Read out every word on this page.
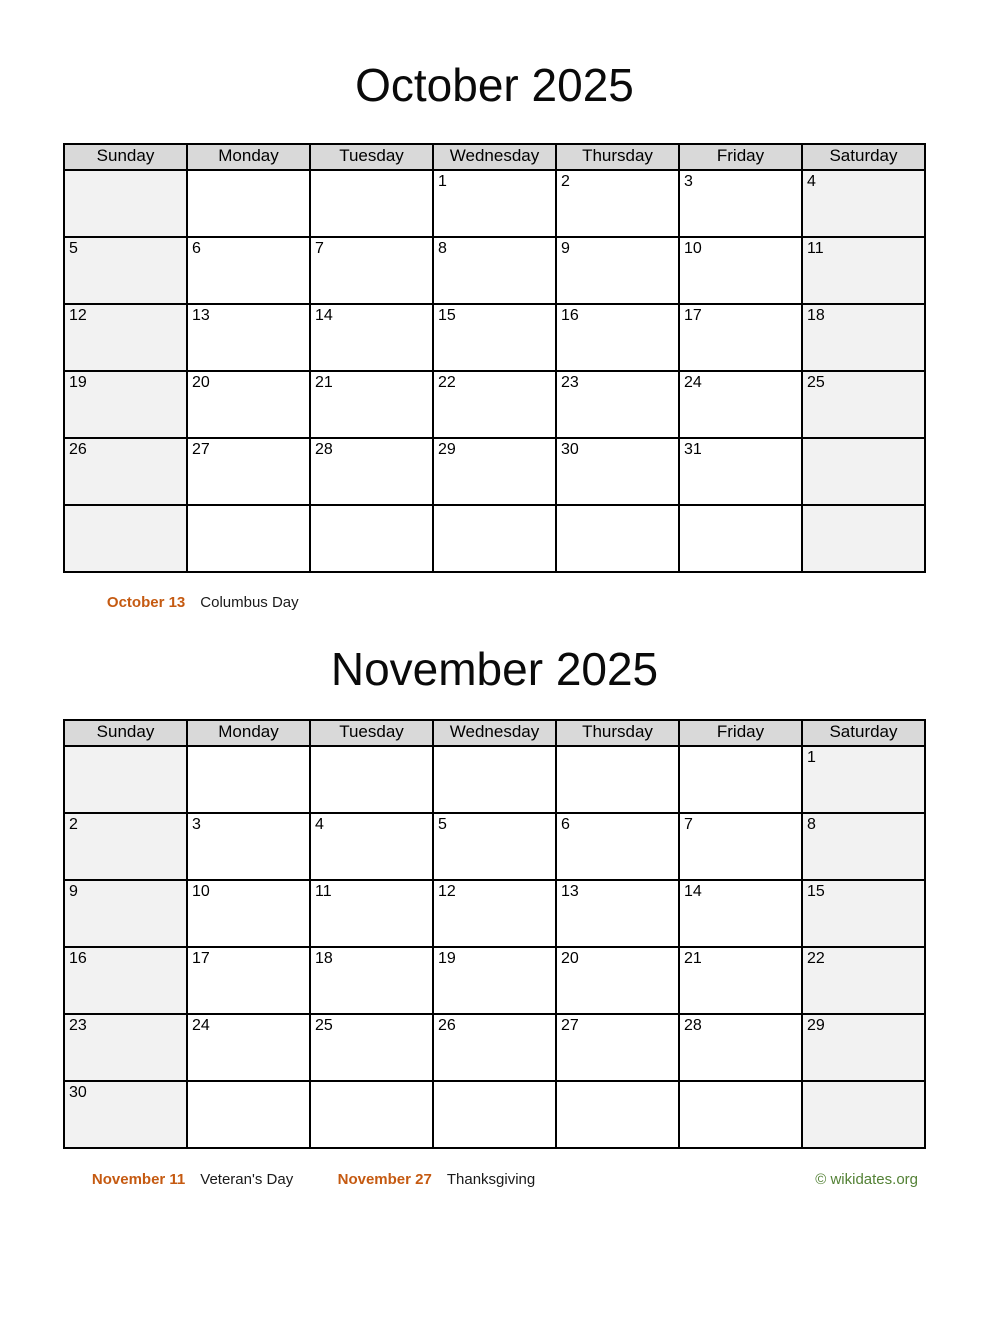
October 2025
Sunday	Monday	Tuesday	Wednesday	Thursday	Friday	Saturday
			1	2	3	4
5	6	7	8	9	10	11
12	13	14	15	16	17	18
19	20	21	22	23	24	25
26	27	28	29	30	31	

October 13	Columbus Day
November 2025
Sunday	Monday	Tuesday	Wednesday	Thursday	Friday	Saturday
						1
2	3	4	5	6	7	8
9	10	11	12	13	14	15
16	17	18	19	20	21	22
23	24	25	26	27	28	29
30						
November 11	Veteran's Day	November 27	Thanksgiving	© wikidates.org
